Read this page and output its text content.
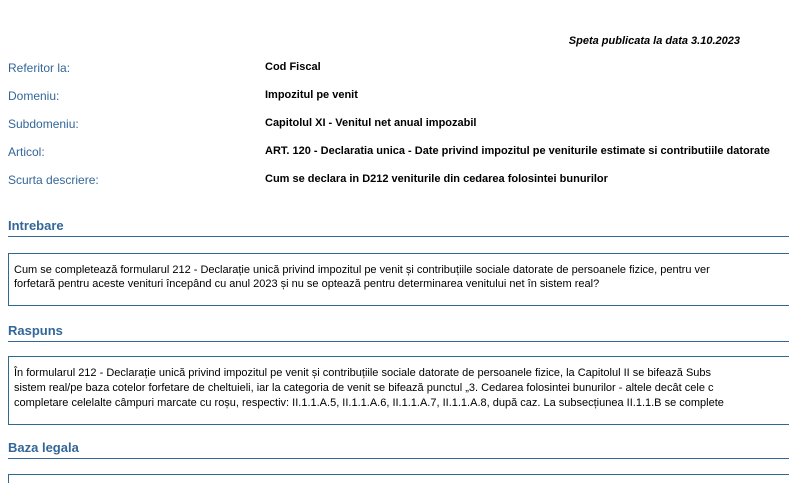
Speta publicata la data 3.10.2023
Referitor la:	Cod Fiscal
Domeniu:	Impozitul pe venit
Subdomeniu:	Capitolul XI - Venitul net anual impozabil
Articol:	ART. 120 - Declaratia unica - Date privind impozitul pe veniturile estimate si contributiile datorate
Scurta descriere:	Cum se declara in D212 veniturile din cedarea folosintei bunurilor
Intrebare
Cum se completează formularul 212 - Declarație unică privind impozitul pe venit și contribuțiile sociale datorate de persoanele fizice, pentru ver
forfetară pentru aceste venituri începând cu anul 2023 și nu se optează pentru determinarea venitului net în sistem real?
Raspuns
În formularul 212 - Declarație unică privind impozitul pe venit și contribuțiile sociale datorate de persoanele fizice, la Capitolul II se bifează Subs
sistem real/pe baza cotelor forfetare de cheltuieli, iar la categoria de venit se bifează punctul „3. Cedarea folosintei bunurilor - altele decât cele c
completare celelalte câmpuri marcate cu roșu, respectiv: II.1.1.A.5, II.1.1.A.6, II.1.1.A.7, II.1.1.A.8, după caz. La subsecțiunea II.1.1.B se complete
Baza legala
